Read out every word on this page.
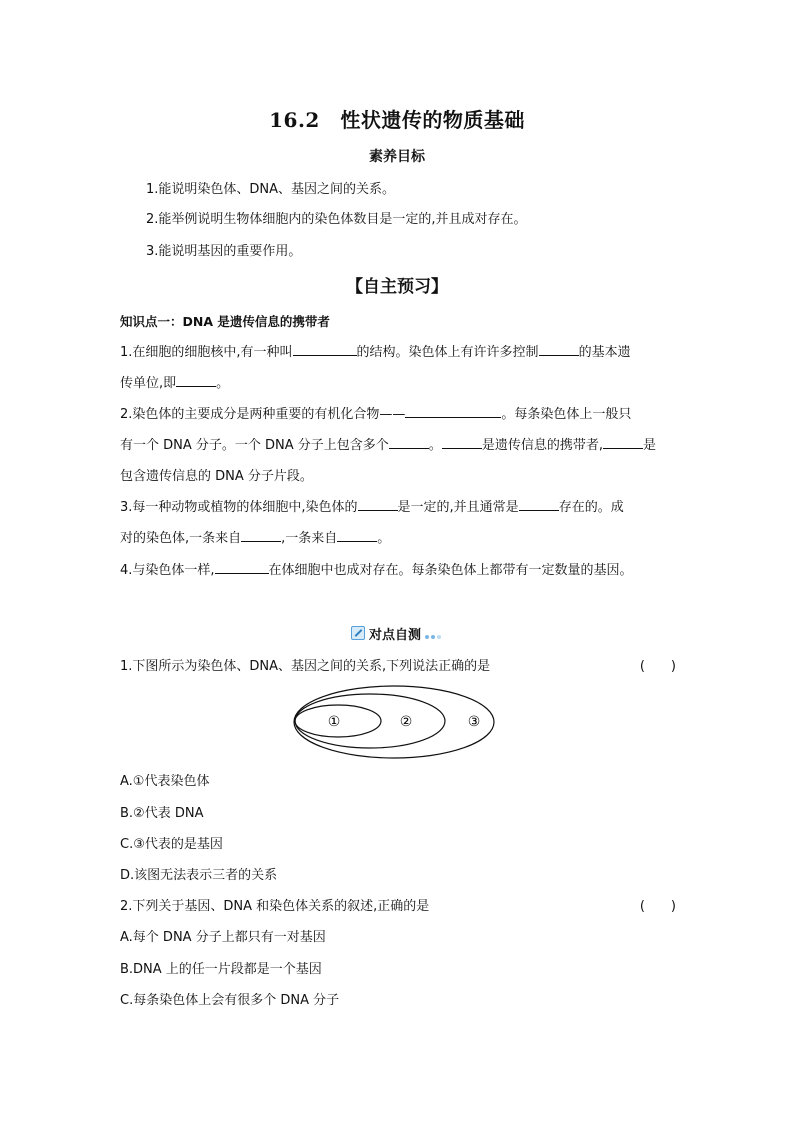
16.2　性状遗传的物质基础
素养目标
1.能说明染色体、DNA、基因之间的关系。
2.能举例说明生物体细胞内的染色体数目是一定的,并且成对存在。
3.能说明基因的重要作用。
【自主预习】
知识点一：DNA 是遗传信息的携带者
1.在细胞的细胞核中,有一种叫	的结构。染色体上有许许多控制	的基本遗
传单位,即	。
2.染色体的主要成分是两种重要的有机化合物——	。每条染色体上一般只
有一个 DNA 分子。一个 DNA 分子上包含多个	。	是遗传信息的携带者,	是
包含遗传信息的 DNA 分子片段。
3.每一种动物或植物的体细胞中,染色体的	是一定的,并且通常是	存在的。成
对的染色体,一条来自	,一条来自	。
4.与染色体一样,	在体细胞中也成对存在。每条染色体上都带有一定数量的基因。
对点自测
1.下图所示为染色体、DNA、基因之间的关系,下列说法正确的是	(　　)
①	②	③
A.①代表染色体
B.②代表 DNA
C.③代表的是基因
D.该图无法表示三者的关系
2.下列关于基因、DNA 和染色体关系的叙述,正确的是	(　　)
A.每个 DNA 分子上都只有一对基因
B.DNA 上的任一片段都是一个基因
C.每条染色体上会有很多个 DNA 分子
